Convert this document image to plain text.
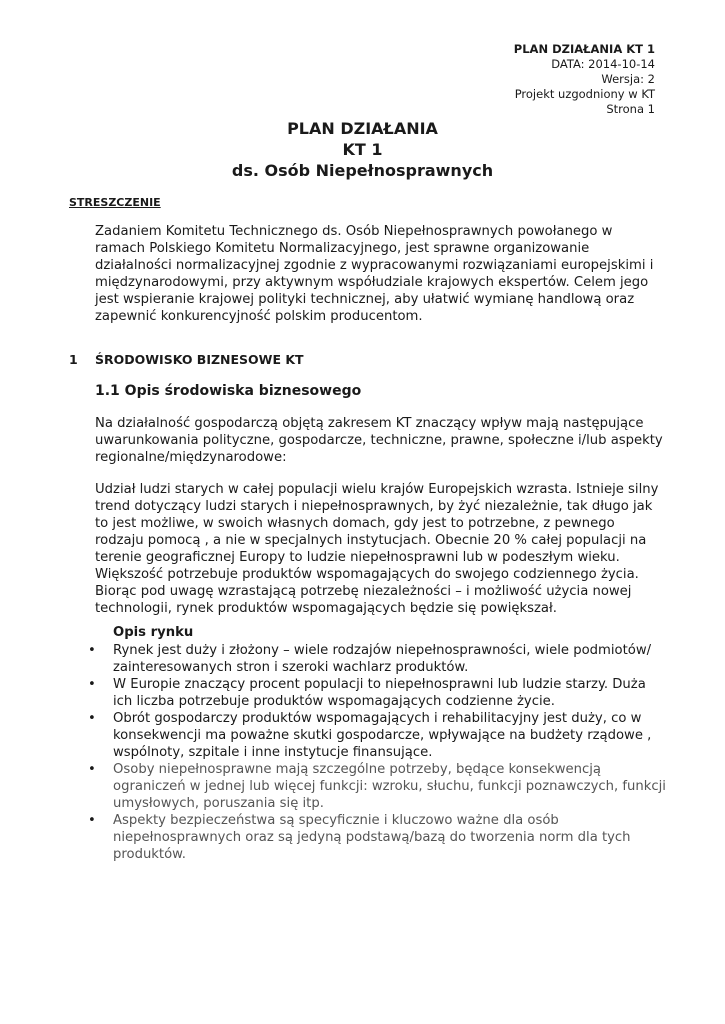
PLAN DZIAŁANIA KT 1
DATA: 2014-10-14
Wersja: 2
Projekt uzgodniony w KT
Strona 1
PLAN DZIAŁANIA
KT 1
ds. Osób Niepełnosprawnych
STRESZCZENIE

Zadaniem Komitetu Technicznego ds. Osób Niepełnosprawnych powołanego w ramach Polskiego Komitetu Normalizacyjnego, jest sprawne organizowanie działalności normalizacyjnej zgodnie z wypracowanymi rozwiązaniami europejskimi i międzynarodowymi, przy aktywnym współudziale krajowych ekspertów. Celem jego jest wspieranie krajowej polityki technicznej, aby ułatwić wymianę handlową oraz zapewnić konkurencyjność polskim producentom.

1 ŚRODOWISKO BIZNESOWE KT
1.1 Opis środowiska biznesowego

Na działalność gospodarczą objętą zakresem KT znaczący wpływ mają następujące uwarunkowania polityczne, gospodarcze, techniczne, prawne, społeczne i/lub aspekty regionalne/międzynarodowe:

Udział ludzi starych w całej populacji wielu krajów Europejskich wzrasta. Istnieje silny trend dotyczący ludzi starych i niepełnosprawnych, by żyć niezależnie, tak długo jak to jest możliwe, w swoich własnych domach, gdy jest to potrzebne, z pewnego rodzaju pomocą , a nie w specjalnych instytucjach. Obecnie 20 % całej populacji na terenie geograficznej Europy to ludzie niepełnosprawni lub w podeszłym wieku. Większość potrzebuje produktów wspomagających do swojego codziennego życia. Biorąc pod uwagę wzrastającą potrzebę niezależności – i możliwość użycia nowej technologii, rynek produktów wspomagających będzie się powiększał.

Opis rynku
•	Rynek jest duży i złożony – wiele rodzajów niepełnosprawności, wiele podmiotów/ zainteresowanych stron i szeroki wachlarz produktów.
•	W Europie znaczący procent populacji to niepełnosprawni lub ludzie starzy. Duża ich liczba potrzebuje produktów wspomagających codzienne życie.
•	Obrót gospodarczy produktów wspomagających i rehabilitacyjny jest duży, co w konsekwencji ma poważne skutki gospodarcze, wpływające na budżety rządowe , wspólnoty, szpitale i inne instytucje finansujące.
•	Osoby niepełnosprawne mają szczególne potrzeby, będące konsekwencją ograniczeń w jednej lub więcej funkcji: wzroku, słuchu, funkcji poznawczych, funkcji umysłowych, poruszania się itp.
•	Aspekty bezpieczeństwa są specyficznie i kluczowo ważne dla osób niepełnosprawnych oraz są jedyną podstawą/bazą do tworzenia norm dla tych produktów.
